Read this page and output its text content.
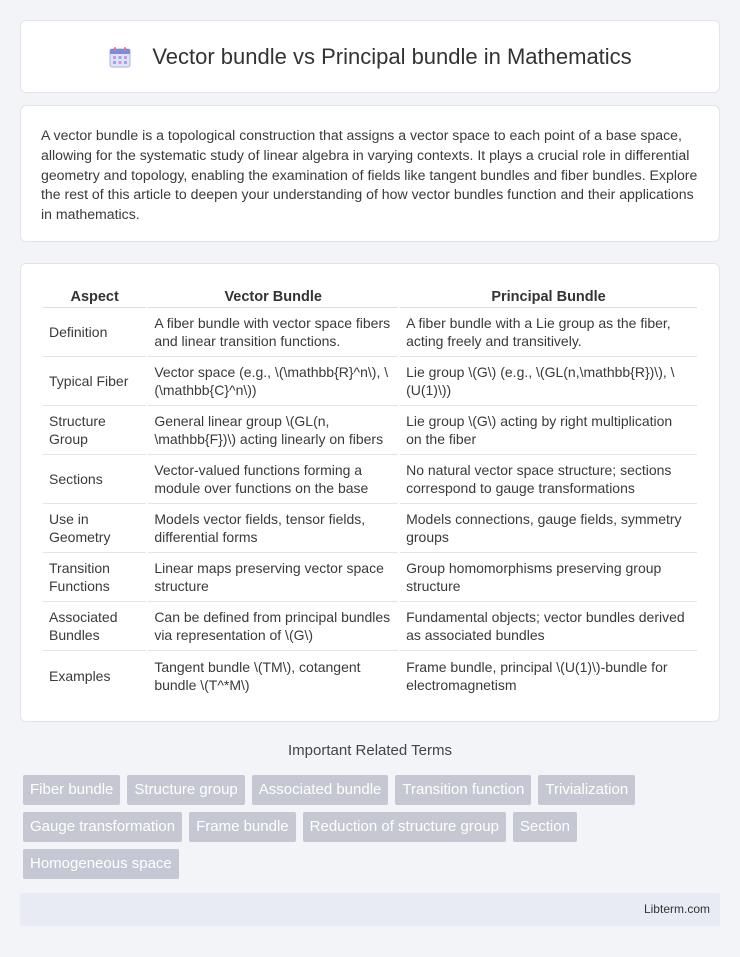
Vector bundle vs Principal bundle in Mathematics

A vector bundle is a topological construction that assigns a vector space to each point of a base space, allowing for the systematic study of linear algebra in varying contexts. It plays a crucial role in differential geometry and topology, enabling the examination of fields like tangent bundles and fiber bundles. Explore the rest of this article to deepen your understanding of how vector bundles function and their applications in mathematics.

Aspect	Vector Bundle	Principal Bundle
Definition	A fiber bundle with vector space fibers and linear transition functions.	A fiber bundle with a Lie group as the fiber, acting freely and transitively.
Typical Fiber	Vector space (e.g., \(\mathbb{R}^n\), \(\mathbb{C}^n\))	Lie group \(G\) (e.g., \(GL(n,\mathbb{R})\), \(U(1)\))
Structure Group	General linear group \(GL(n, \mathbb{F})\) acting linearly on fibers	Lie group \(G\) acting by right multiplication on the fiber
Sections	Vector-valued functions forming a module over functions on the base	No natural vector space structure; sections correspond to gauge transformations
Use in Geometry	Models vector fields, tensor fields, differential forms	Models connections, gauge fields, symmetry groups
Transition Functions	Linear maps preserving vector space structure	Group homomorphisms preserving group structure
Associated Bundles	Can be defined from principal bundles via representation of \(G\)	Fundamental objects; vector bundles derived as associated bundles
Examples	Tangent bundle \(TM\), cotangent bundle \(T^*M\)	Frame bundle, principal \(U(1)\)-bundle for electromagnetism
Important Related Terms
Fiber bundle	Structure group	Associated bundle	Transition function	Trivialization
Gauge transformation	Frame bundle	Reduction of structure group	Section
Homogeneous space
Libterm.com
